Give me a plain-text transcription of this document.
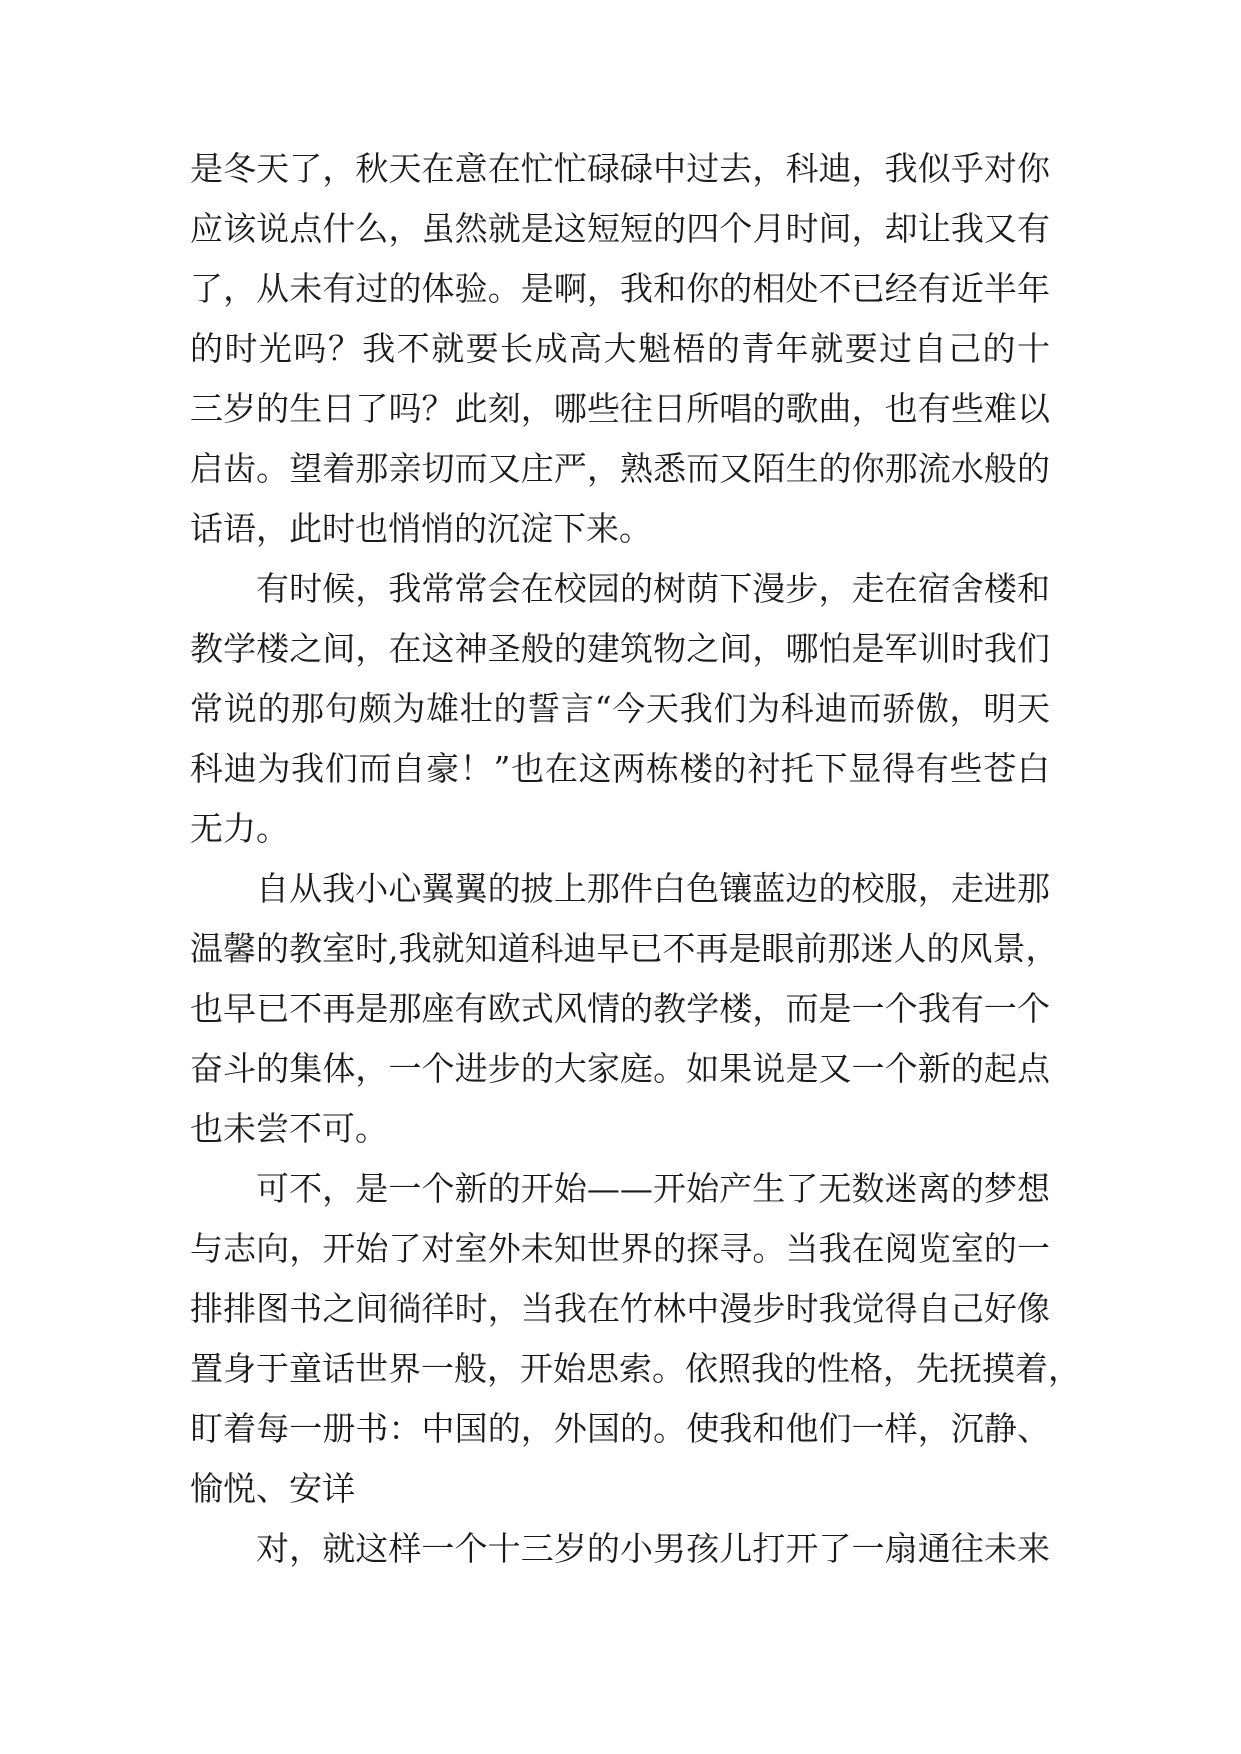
是冬天了，秋天在意在忙忙碌碌中过去，科迪，我似乎对你
应该说点什么，虽然就是这短短的四个月时间，却让我又有
了，从未有过的体验。是啊，我和你的相处不已经有近半年
的时光吗？我不就要长成高大魁梧的青年就要过自己的十
三岁的生日了吗？此刻，哪些往日所唱的歌曲，也有些难以
启齿。望着那亲切而又庄严，熟悉而又陌生的你那流水般的
话语，此时也悄悄的沉淀下来。
有时候，我常常会在校园的树荫下漫步，走在宿舍楼和
教学楼之间，在这神圣般的建筑物之间，哪怕是军训时我们
常说的那句颇为雄壮的誓言“今天我们为科迪而骄傲，明天
科迪为我们而自豪！”也在这两栋楼的衬托下显得有些苍白
无力。
自从我小心翼翼的披上那件白色镶蓝边的校服，走进那
温馨的教室时,我就知道科迪早已不再是眼前那迷人的风景，
也早已不再是那座有欧式风情的教学楼，而是一个我有一个
奋斗的集体，一个进步的大家庭。如果说是又一个新的起点
也未尝不可。
可不，是一个新的开始——开始产生了无数迷离的梦想
与志向，开始了对室外未知世界的探寻。当我在阅览室的一
排排图书之间徜徉时，当我在竹林中漫步时我觉得自己好像
置身于童话世界一般，开始思索。依照我的性格，先抚摸着，
盯着每一册书：中国的，外国的。使我和他们一样，沉静、
愉悦、安详
对，就这样一个十三岁的小男孩儿打开了一扇通往未来
